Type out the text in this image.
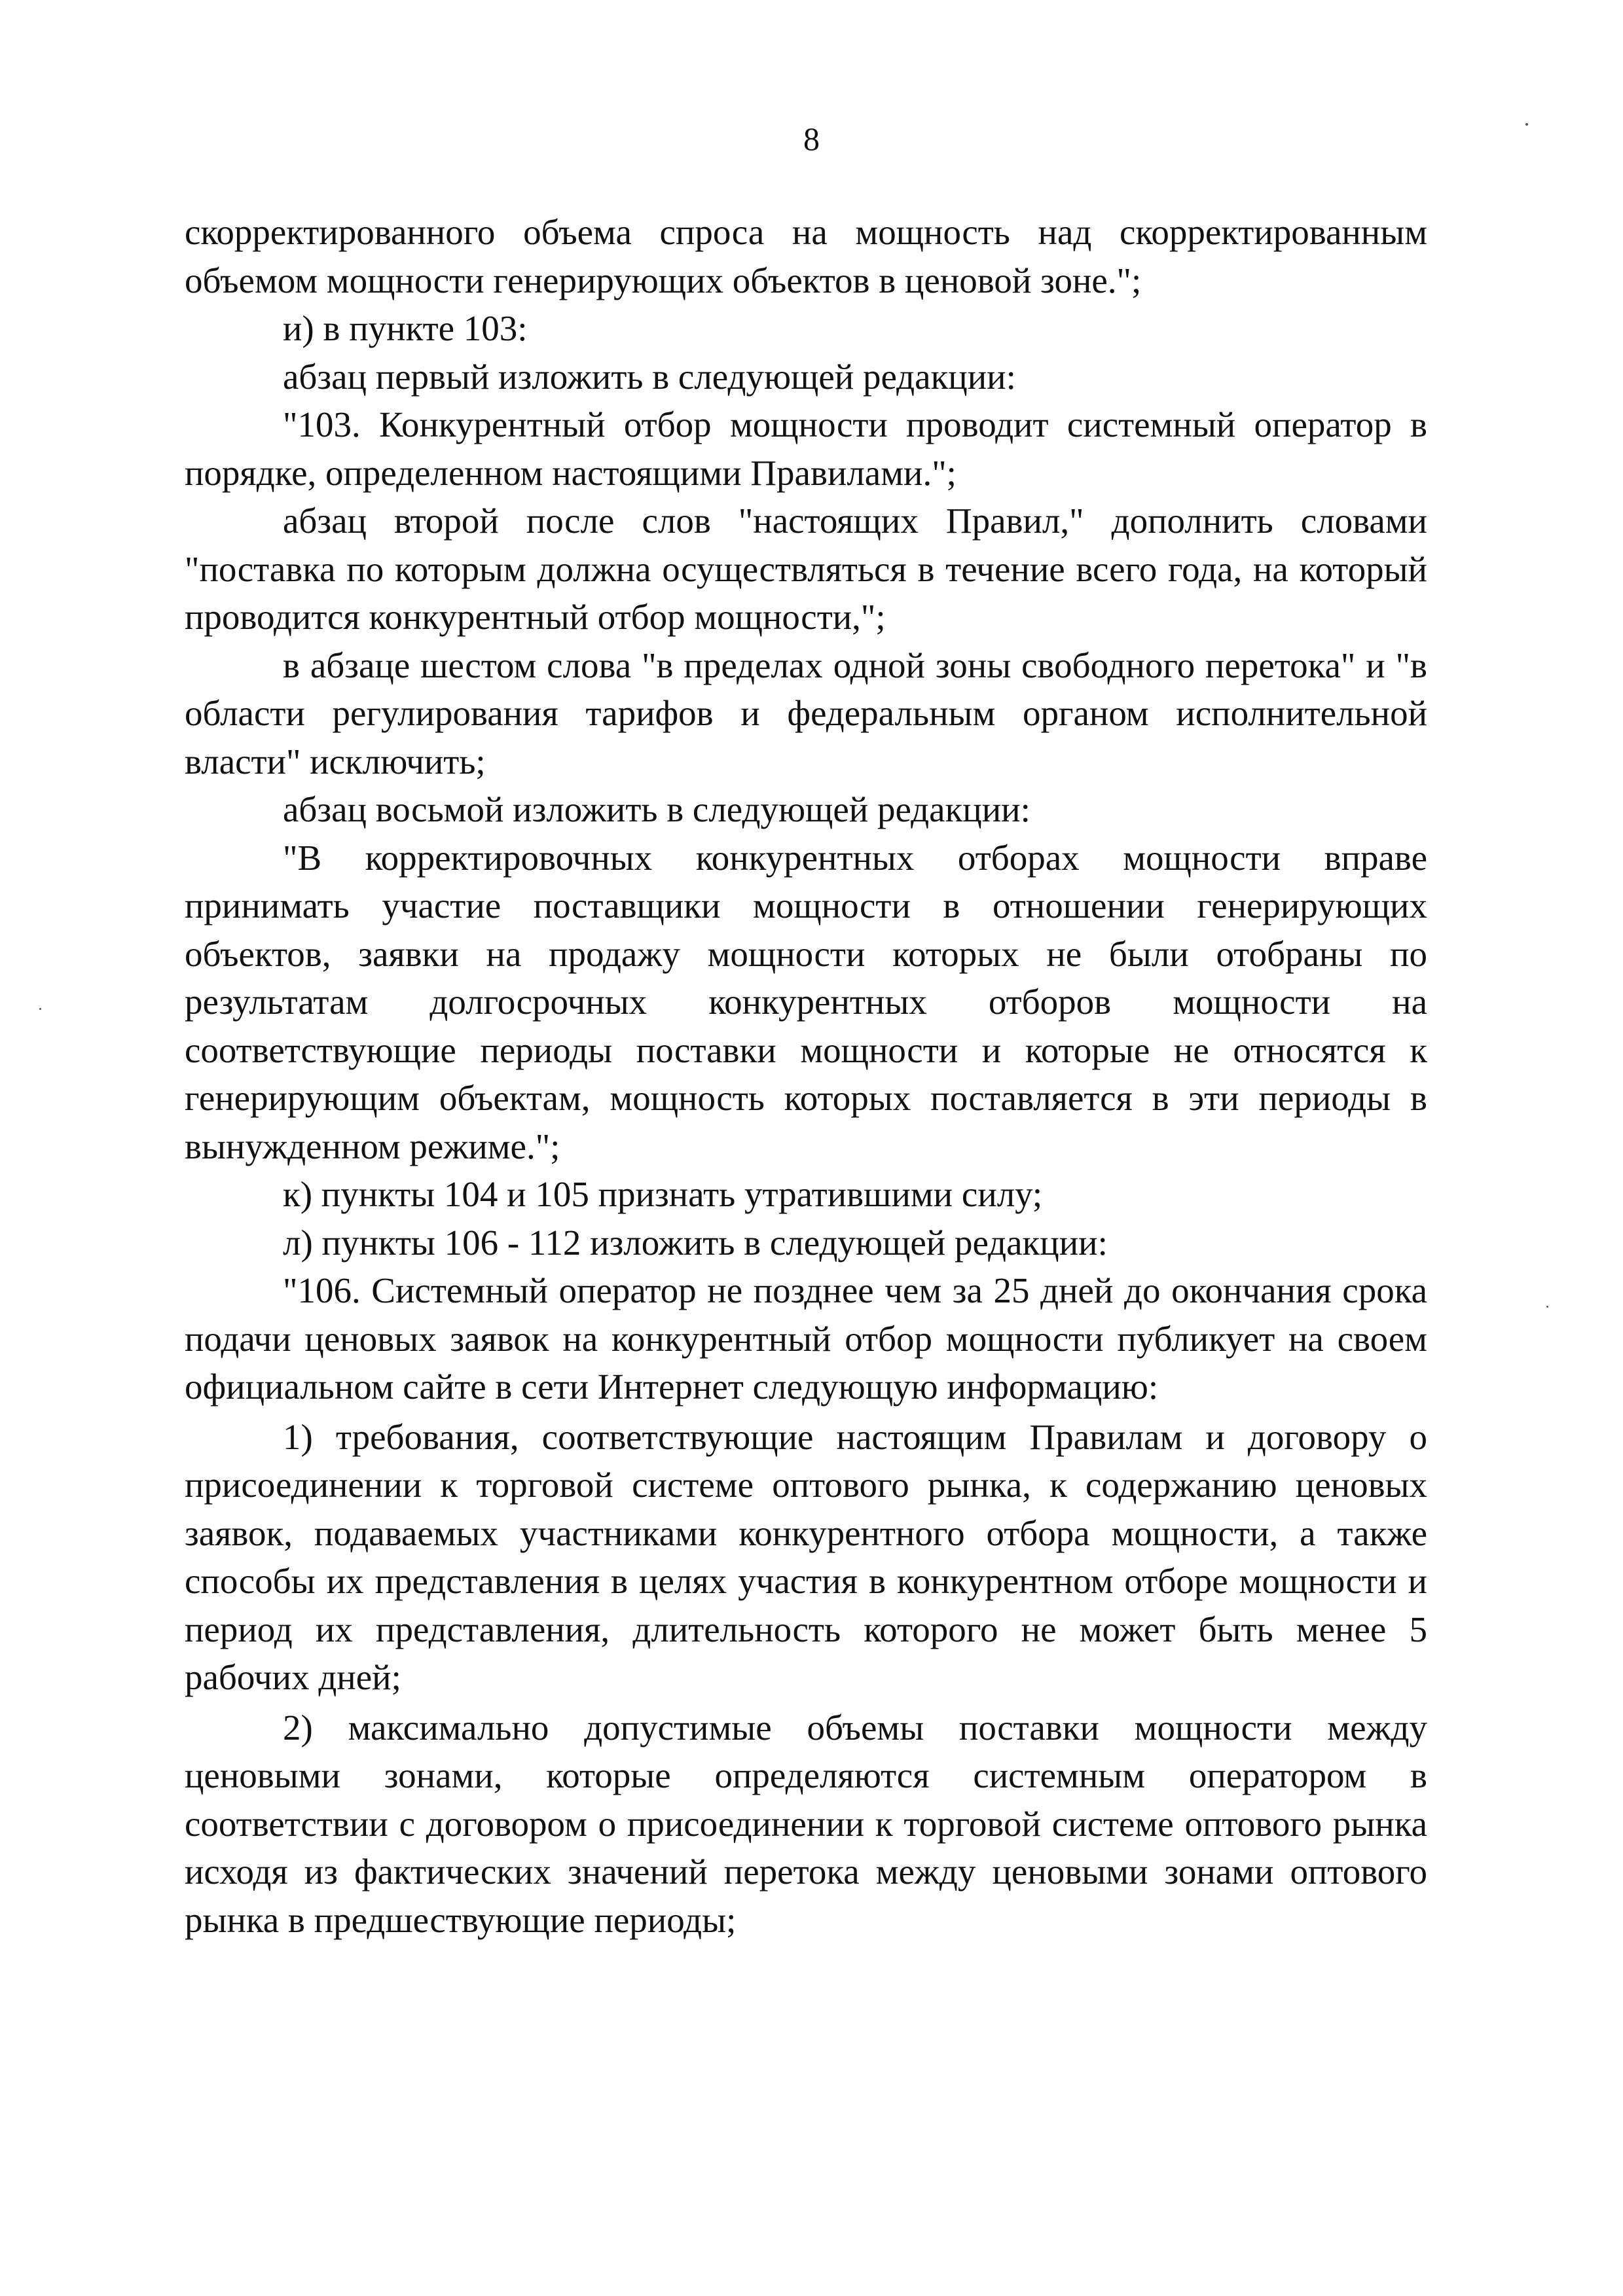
8

скорректированного объема спроса на мощность над скорректированным объемом мощности генерирующих объектов в ценовой зоне.";

и) в пункте 103:

абзац первый изложить в следующей редакции:

"103. Конкурентный отбор мощности проводит системный оператор в порядке, определенном настоящими Правилами.";

абзац второй после слов "настоящих Правил," дополнить словами "поставка по которым должна осуществляться в течение всего года, на который проводится конкурентный отбор мощности,";

в абзаце шестом слова "в пределах одной зоны свободного перетока" и "в области регулирования тарифов и федеральным органом исполнительной власти" исключить;

абзац восьмой изложить в следующей редакции:

"В корректировочных конкурентных отборах мощности вправе принимать участие поставщики мощности в отношении генерирующих объектов, заявки на продажу мощности которых не были отобраны по результатам долгосрочных конкурентных отборов мощности на соответствующие периоды поставки мощности и которые не относятся к генерирующим объектам, мощность которых поставляется в эти периоды в вынужденном режиме.";

к) пункты 104 и 105 признать утратившими силу;

л) пункты 106 - 112 изложить в следующей редакции:

"106. Системный оператор не позднее чем за 25 дней до окончания срока подачи ценовых заявок на конкурентный отбор мощности публикует на своем официальном сайте в сети Интернет следующую информацию:

1) требования, соответствующие настоящим Правилам и договору о присоединении к торговой системе оптового рынка, к содержанию ценовых заявок, подаваемых участниками конкурентного отбора мощности, а также способы их представления в целях участия в конкурентном отборе мощности и период их представления, длительность которого не может быть менее 5 рабочих дней;

2) максимально допустимые объемы поставки мощности между ценовыми зонами, которые определяются системным оператором в соответствии с договором о присоединении к торговой системе оптового рынка исходя из фактических значений перетока между ценовыми зонами оптового рынка в предшествующие периоды;
